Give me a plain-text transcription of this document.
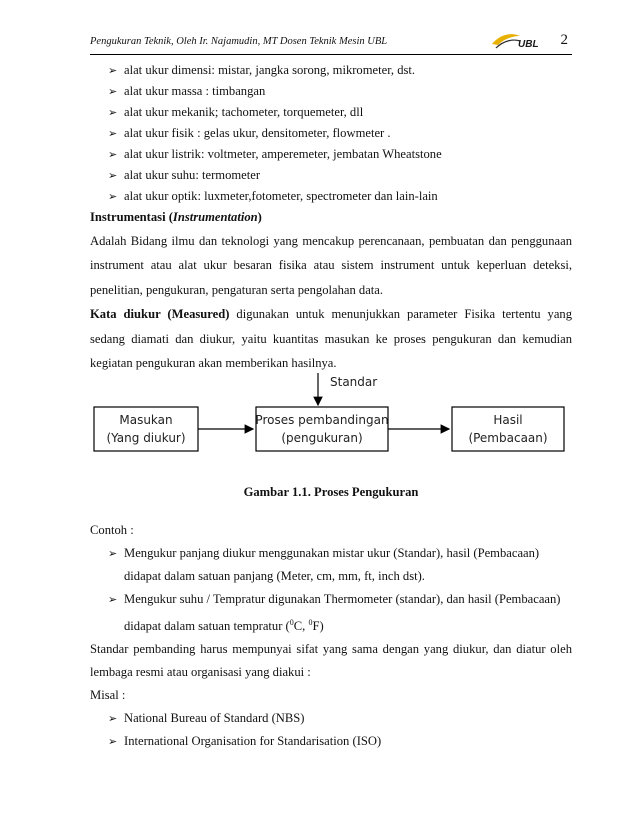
Pengukuran Teknik, Oleh Ir. Najamudin, MT Dosen Teknik Mesin UBL	UBL 2
➢ alat ukur dimensi: mistar, jangka sorong, mikrometer, dst.
➢ alat ukur massa : timbangan
➢ alat ukur mekanik; tachometer, torquemeter, dll
➢ alat ukur fisik : gelas ukur, densitometer, flowmeter .
➢ alat ukur listrik: voltmeter, amperemeter, jembatan Wheatstone
➢ alat ukur suhu: termometer
➢ alat ukur optik: luxmeter,fotometer, spectrometer dan lain-lain

Instrumentasi (Instrumentation)

Adalah Bidang ilmu dan teknologi yang mencakup perencanaan, pembuatan dan penggunaan instrument atau alat ukur besaran fisika atau sistem instrument untuk keperluan deteksi, penelitian, pengukuran, pengaturan serta pengolahan data.

Kata diukur (Measured) digunakan untuk menunjukkan parameter Fisika tertentu yang sedang diamati dan diukur, yaitu kuantitas masukan ke proses pengukuran dan kemudian kegiatan pengukuran akan memberikan hasilnya.

Standar
Masukan
(Yang diukur)
Proses pembandingan
(pengukuran)
Hasil
(Pembacaan)
Gambar 1.1. Proses Pengukuran

Contoh :

➢ Mengukur panjang diukur menggunakan mistar ukur (Standar), hasil (Pembacaan)

didapat dalam satuan panjang (Meter, cm, mm, ft, inch dst).

➢ Mengukur suhu / Tempratur digunakan Thermometer (standar), dan hasil (Pembacaan)

didapat dalam satuan tempratur ($^0$C, $^0$F)

Standar pembanding harus mempunyai sifat yang sama dengan yang diukur, dan diatur oleh lembaga resmi atau organisasi yang diakui :

Misal :

➢ National Bureau of Standard (NBS)
➢ International Organisation for Standarisation (ISO)
